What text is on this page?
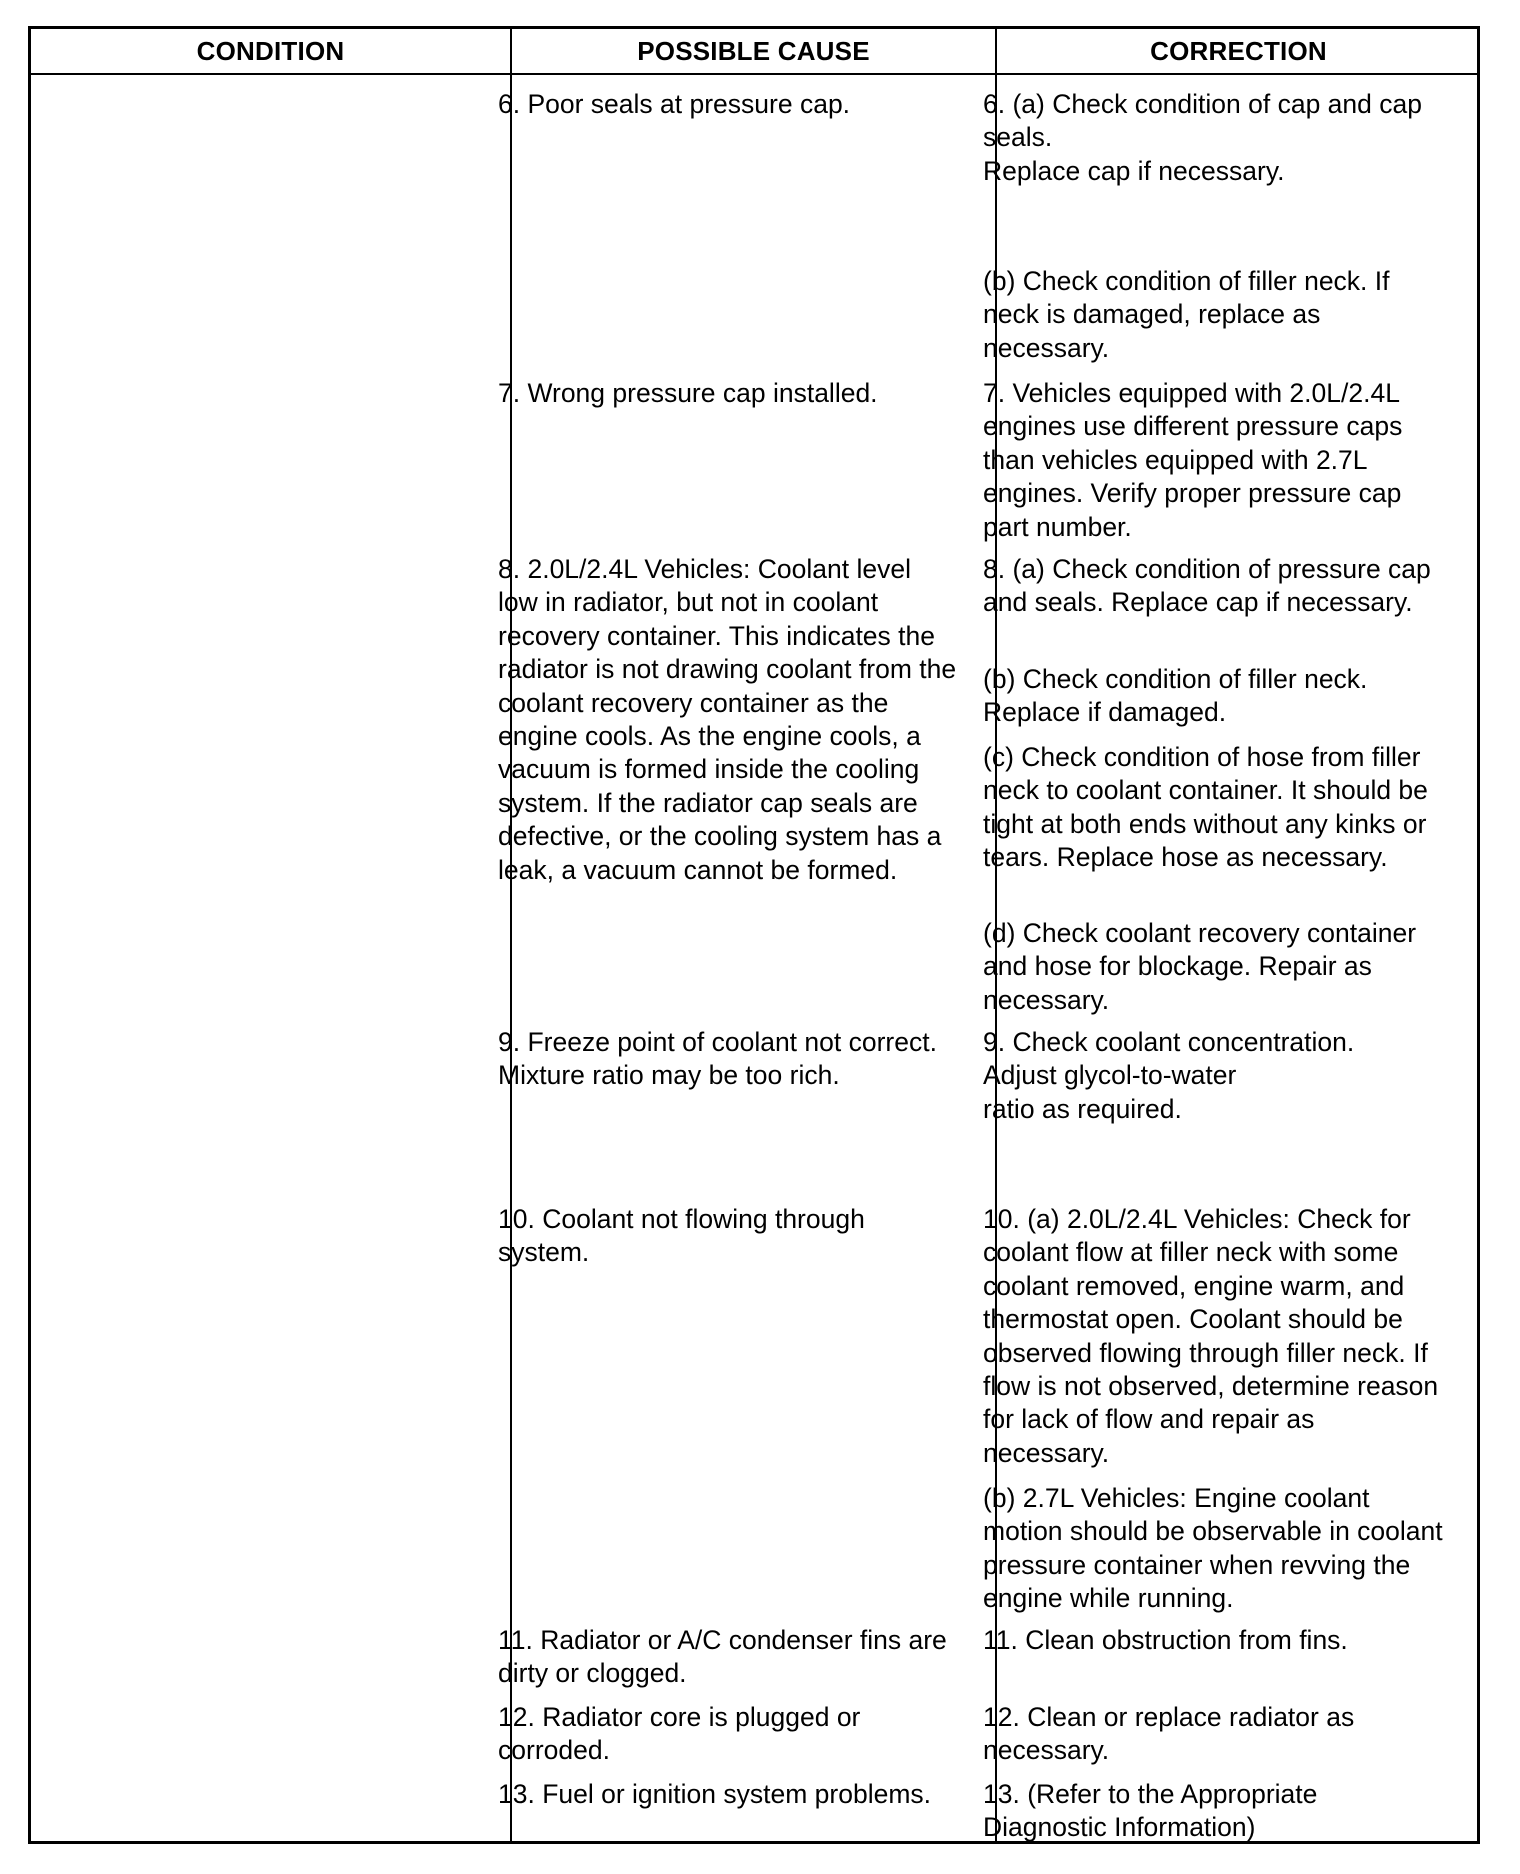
CONDITION	POSSIBLE CAUSE	CORRECTION
6. Poor seals at pressure cap.
7. Wrong pressure cap installed.
8. 2.0L/2.4L Vehicles: Coolant level low in radiator, but not in coolant recovery container. This indicates the radiator is not drawing coolant from the coolant recovery container as the engine cools. As the engine cools, a vacuum is formed inside the cooling system. If the radiator cap seals are defective, or the cooling system has a leak, a vacuum cannot be formed.
9. Freeze point of coolant not correct. Mixture ratio may be too rich.
10. Coolant not flowing through system.
11. Radiator or A/C condenser fins are dirty or clogged.
12. Radiator core is plugged or corroded.
13. Fuel or ignition system problems.
6. (a) Check condition of cap and cap seals.
Replace cap if necessary.
(b) Check condition of filler neck. If neck is damaged, replace as necessary.
7. Vehicles equipped with 2.0L/2.4L engines use different pressure caps than vehicles equipped with 2.7L engines. Verify proper pressure cap part number.
8. (a) Check condition of pressure cap and seals. Replace cap if necessary.
(b) Check condition of filler neck. Replace if damaged.
(c) Check condition of hose from filler neck to coolant container. It should be tight at both ends without any kinks or tears. Replace hose as necessary.
(d) Check coolant recovery container and hose for blockage. Repair as necessary.
9. Check coolant concentration.
Adjust glycol-to-water
ratio as required.
10. (a) 2.0L/2.4L Vehicles: Check for coolant flow at filler neck with some coolant removed, engine warm, and thermostat open. Coolant should be observed flowing through filler neck. If flow is not observed, determine reason for lack of flow and repair as necessary.
(b) 2.7L Vehicles: Engine coolant motion should be observable in coolant pressure container when revving the engine while running.
11. Clean obstruction from fins.
12. Clean or replace radiator as necessary.
13. (Refer to the Appropriate Diagnostic Information)
